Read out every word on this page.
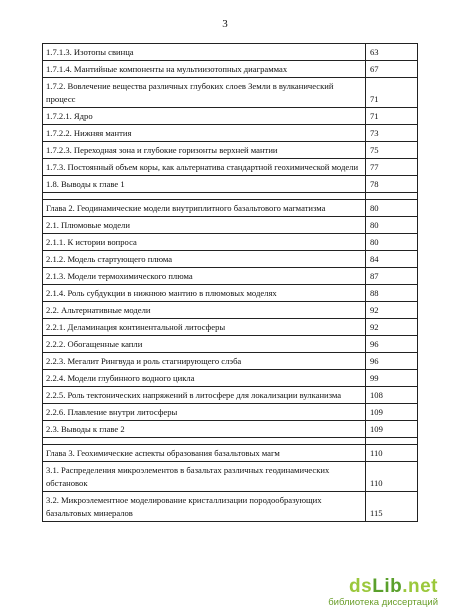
3
1.7.1.3. Изотопы свинца	63
1.7.1.4. Мантийные компоненты на мультиизотопных диаграммах	67
1.7.2. Вовлечение вещества различных глубоких слоев Земли в вулканический процесс	71
1.7.2.1. Ядро	71
1.7.2.2. Нижняя мантия	73
1.7.2.3. Переходная зона и глубокие горизонты верхней мантии	75
1.7.3. Постоянный объем коры, как альтернатива стандартной геохимической модели	77
1.8. Выводы к главе 1	78

Глава 2. Геодинамические модели внутриплитного базальтового магматизма	80
2.1. Плюмовые модели	80
2.1.1. К истории вопроса	80
2.1.2. Модель стартующего плюма	84
2.1.3. Модели термохимического плюма	87
2.1.4. Роль субдукции в нижнюю мантию в плюмовых моделях	88
2.2. Альтернативные модели	92
2.2.1. Деламинация континентальной литосферы	92
2.2.2. Обогащенные капли	96
2.2.3. Мегалит Рингвуда и роль стагнирующего слэба	96
2.2.4. Модели глубинного водного цикла	99
2.2.5. Роль тектонических напряжений в литосфере для локализации вулканизма	108
2.2.6. Плавление внутри литосферы	109
2.3. Выводы к главе 2	109

Глава 3. Геохимические аспекты образования базальтовых магм	110
3.1. Распределения микроэлементов в базальтах различных геодинамических обстановок	110
3.2. Микроэлементное моделирование кристаллизации породообразующих базальтовых минералов	115
dsLib.net
библиотека диссертаций
